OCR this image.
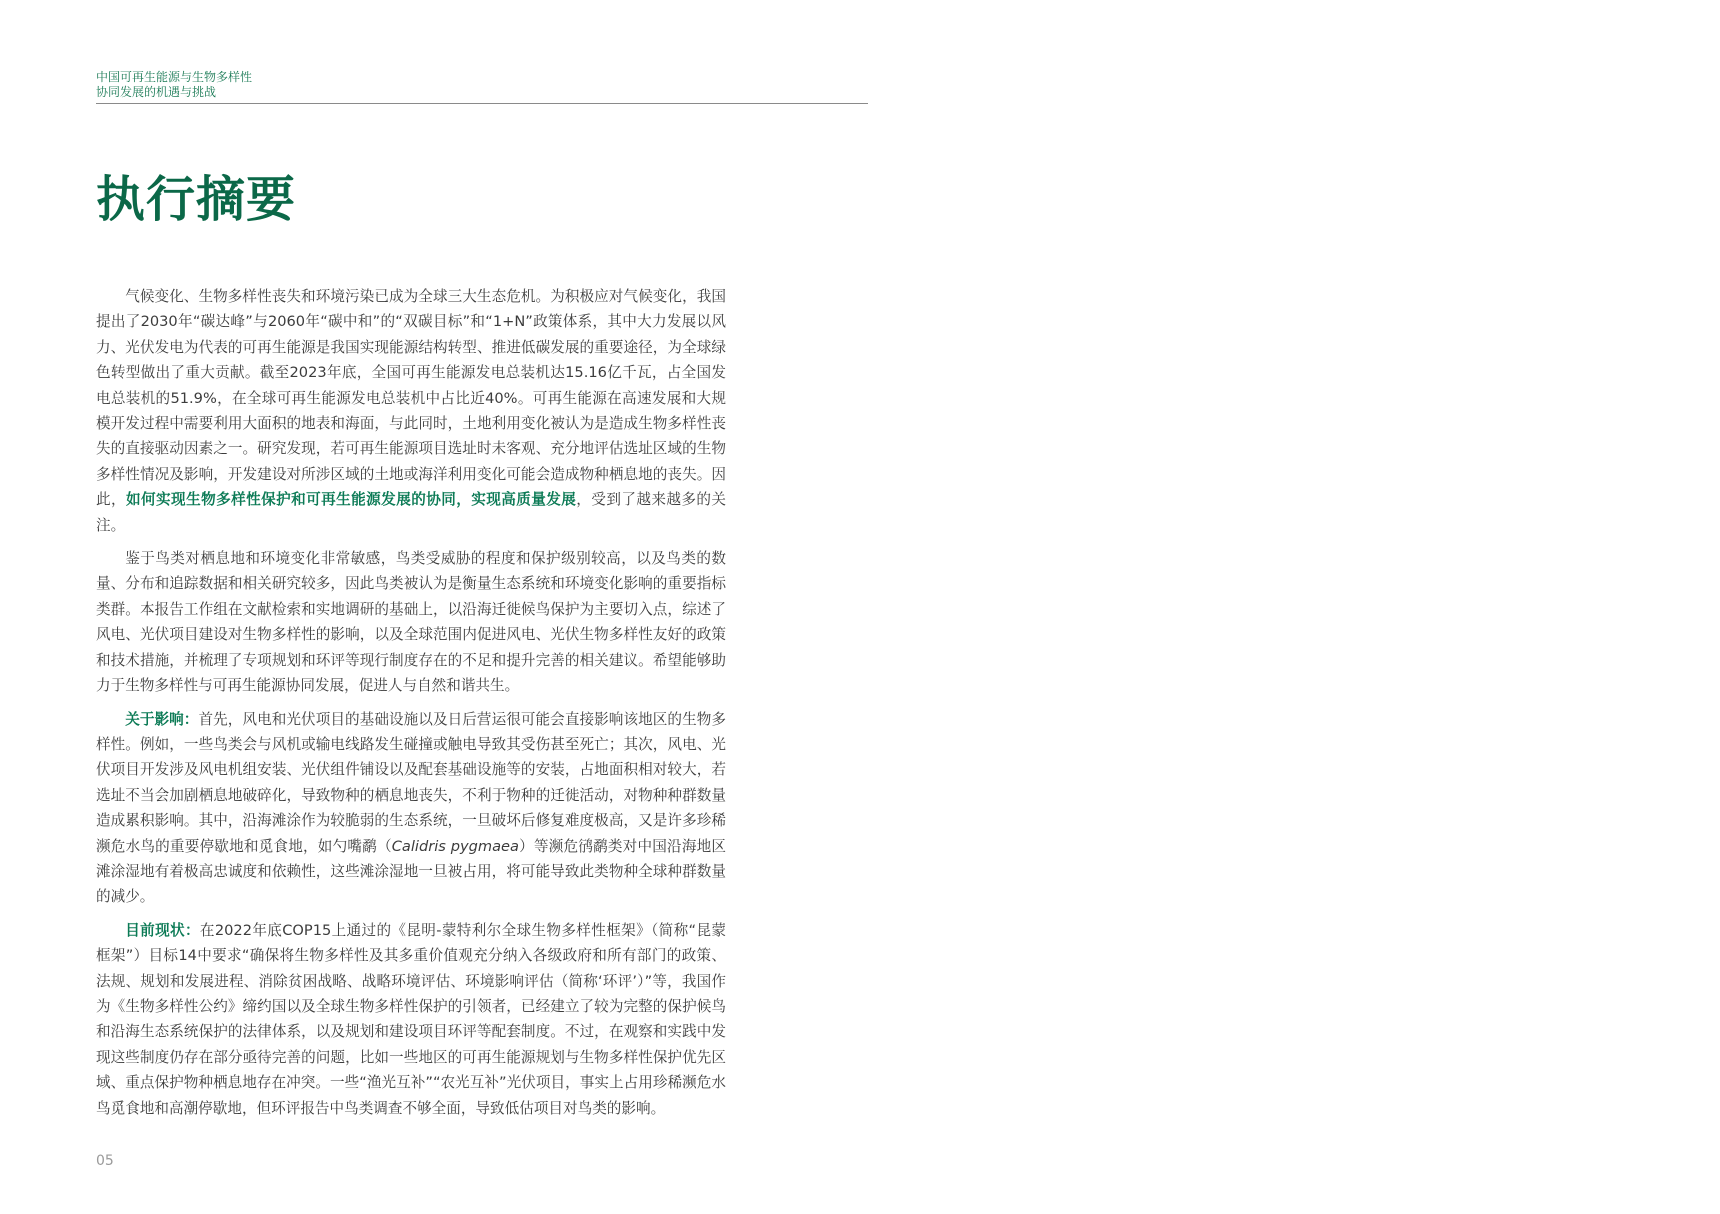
中国可再生能源与生物多样性
协同发展的机遇与挑战
执行摘要

气候变化、生物多样性丧失和环境污染已成为全球三大生态危机。为积极应对气候变化，我国提出了2030年“碳达峰”与2060年“碳中和”的“双碳目标”和“1+N”政策体系，其中大力发展以风力、光伏发电为代表的可再生能源是我国实现能源结构转型、推进低碳发展的重要途径，为全球绿色转型做出了重大贡献。截至2023年底，全国可再生能源发电总装机达15.16亿千瓦，占全国发电总装机的51.9%，在全球可再生能源发电总装机中占比近40%。可再生能源在高速发展和大规模开发过程中需要利用大面积的地表和海面，与此同时，土地利用变化被认为是造成生物多样性丧失的直接驱动因素之一。研究发现，若可再生能源项目选址时未客观、充分地评估选址区域的生物多样性情况及影响，开发建设对所涉区域的土地或海洋利用变化可能会造成物种栖息地的丧失。因此，如何实现生物多样性保护和可再生能源发展的协同，实现高质量发展，受到了越来越多的关注。

鉴于鸟类对栖息地和环境变化非常敏感，鸟类受威胁的程度和保护级别较高，以及鸟类的数量、分布和追踪数据和相关研究较多，因此鸟类被认为是衡量生态系统和环境变化影响的重要指标类群。本报告工作组在文献检索和实地调研的基础上，以沿海迁徙候鸟保护为主要切入点，综述了风电、光伏项目建设对生物多样性的影响，以及全球范围内促进风电、光伏生物多样性友好的政策和技术措施，并梳理了专项规划和环评等现行制度存在的不足和提升完善的相关建议。希望能够助力于生物多样性与可再生能源协同发展，促进人与自然和谐共生。

关于影响：首先，风电和光伏项目的基础设施以及日后营运很可能会直接影响该地区的生物多样性。例如，一些鸟类会与风机或输电线路发生碰撞或触电导致其受伤甚至死亡；其次，风电、光伏项目开发涉及风电机组安装、光伏组件铺设以及配套基础设施等的安装，占地面积相对较大，若选址不当会加剧栖息地破碎化，导致物种的栖息地丧失，不利于物种的迁徙活动，对物种种群数量造成累积影响。其中，沿海滩涂作为较脆弱的生态系统，一旦破坏后修复难度极高，又是许多珍稀濒危水鸟的重要停歇地和觅食地，如勺嘴鹬（Calidris pygmaea）等濒危鸻鹬类对中国沿海地区滩涂湿地有着极高忠诚度和依赖性，这些滩涂湿地一旦被占用，将可能导致此类物种全球种群数量的减少。

目前现状：在2022年底COP15上通过的《昆明-蒙特利尔全球生物多样性框架》（简称“昆蒙框架”）目标14中要求“确保将生物多样性及其多重价值观充分纳入各级政府和所有部门的政策、法规、规划和发展进程、消除贫困战略、战略环境评估、环境影响评估（简称‘环评’）”等，我国作为《生物多样性公约》缔约国以及全球生物多样性保护的引领者，已经建立了较为完整的保护候鸟和沿海生态系统保护的法律体系，以及规划和建设项目环评等配套制度。不过，在观察和实践中发现这些制度仍存在部分亟待完善的问题，比如一些地区的可再生能源规划与生物多样性保护优先区域、重点保护物种栖息地存在冲突。一些“渔光互补”“农光互补”光伏项目，事实上占用珍稀濒危水鸟觅食地和高潮停歇地，但环评报告中鸟类调查不够全面，导致低估项目对鸟类的影响。

05
